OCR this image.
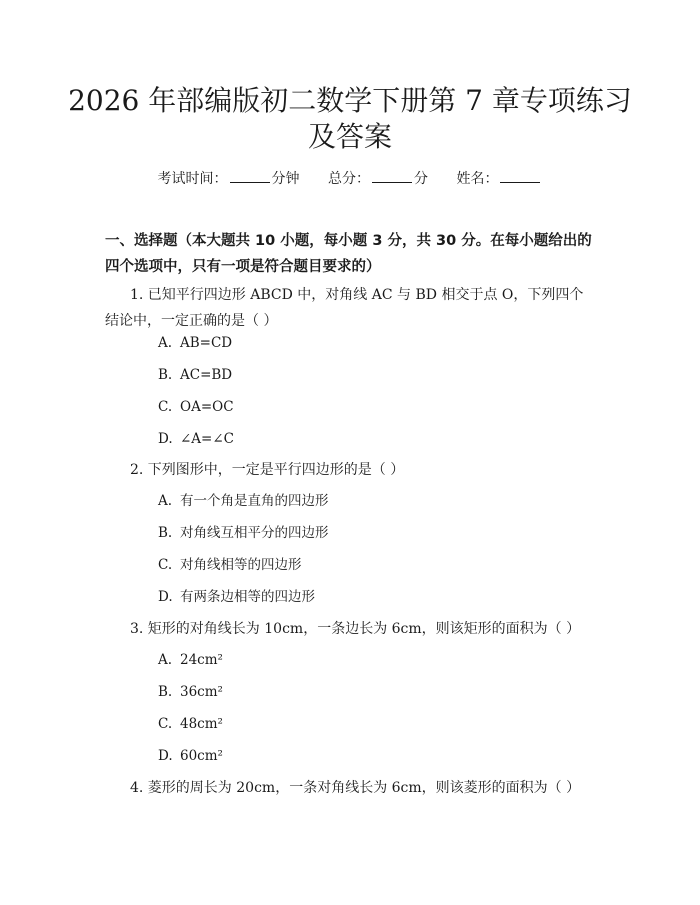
2026 年部编版初二数学下册第 7 章专项练习
及答案
考试时间：	分钟 总分：	分 姓名：
一、选择题（本大题共 10 小题，每小题 3 分，共 30 分。在每小题给出的四个选项中，只有一项是符合题目要求的）
1. 已知平行四边形 ABCD 中，对角线 AC 与 BD 相交于点 O，下列四个结论中，一定正确的是（ ）
A. AB=CD
B. AC=BD
C. OA=OC
D. ∠A=∠C
2. 下列图形中，一定是平行四边形的是（ ）
A. 有一个角是直角的四边形
B. 对角线互相平分的四边形
C. 对角线相等的四边形
D. 有两条边相等的四边形
3. 矩形的对角线长为 10cm，一条边长为 6cm，则该矩形的面积为（ ）
A. 24cm²
B. 36cm²
C. 48cm²
D. 60cm²
4. 菱形的周长为 20cm，一条对角线长为 6cm，则该菱形的面积为（ ）
